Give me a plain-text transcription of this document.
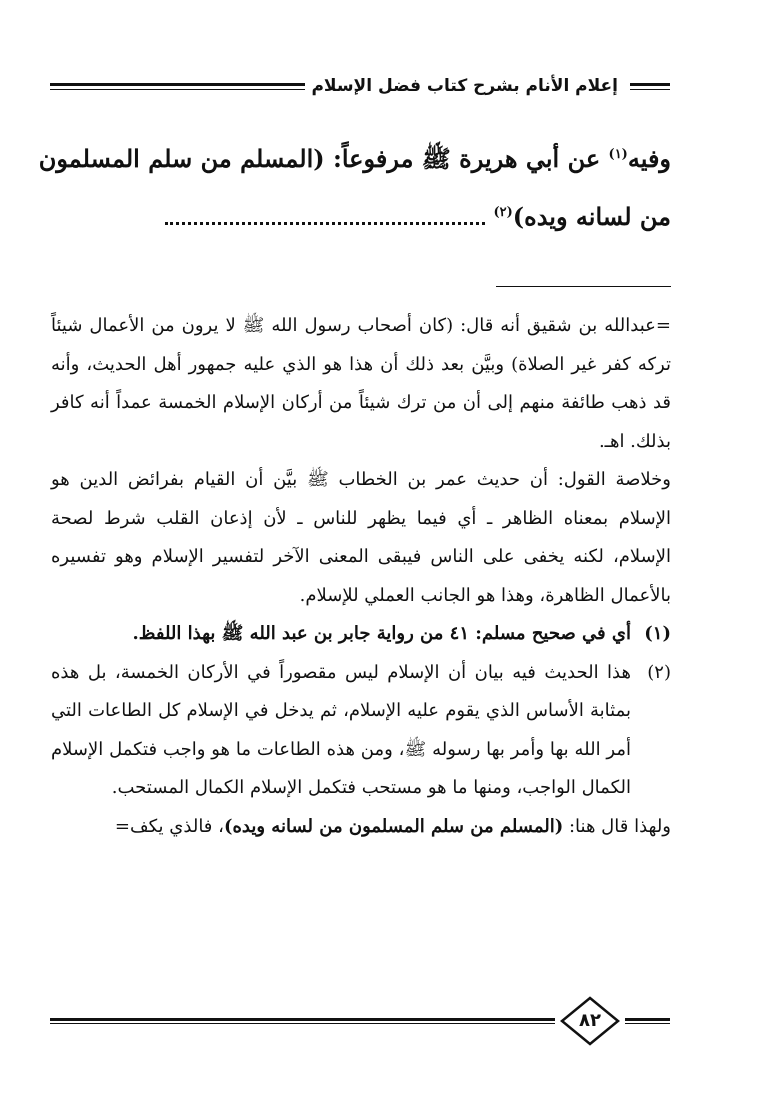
إعلام الأنام بشرح كتاب فضل الإسلام
وفيه$^{(١)}$ عن أبي هريرة ﷺ مرفوعاً: (المسلم من سلم المسلمون
من لسانه ويده)$^{(٢)}$

=عبدالله بن شقيق أنه قال: (كان أصحاب رسول الله ﷺ لا يرون من الأعمال شيئاً تركه كفر غير الصلاة) وبيَّن بعد ذلك أن هذا هو الذي عليه جمهور أهل الحديث، وأنه قد ذهب طائفة منهم إلى أن من ترك شيئاً من أركان الإسلام الخمسة عمداً أنه كافر بذلك. اهـ.

وخلاصة القول: أن حديث عمر بن الخطاب ﷺ بيَّن أن القيام بفرائض الدين هو الإسلام بمعناه الظاهر ـ أي فيما يظهر للناس ـ لأن إذعان القلب شرط لصحة الإسلام، لكنه يخفى على الناس فيبقى المعنى الآخر لتفسير الإسلام وهو تفسيره بالأعمال الظاهرة، وهذا هو الجانب العملي للإسلام.

(١)
أي في صحيح مسلم: ٤١ من رواية جابر بن عبد الله ﷺ بهذا اللفظ.
(٢)
هذا الحديث فيه بيان أن الإسلام ليس مقصوراً في الأركان الخمسة، بل هذه بمثابة الأساس الذي يقوم عليه الإسلام، ثم يدخل في الإسلام كل الطاعات التي أمر الله بها وأمر بها رسوله ﷺ، ومن هذه الطاعات ما هو واجب فتكمل الإسلام الكمال الواجب، ومنها ما هو مستحب فتكمل الإسلام الكمال المستحب.

ولهذا قال هنا: (المسلم من سلم المسلمون من لسانه ويده)، فالذي يكف=

٨٢
